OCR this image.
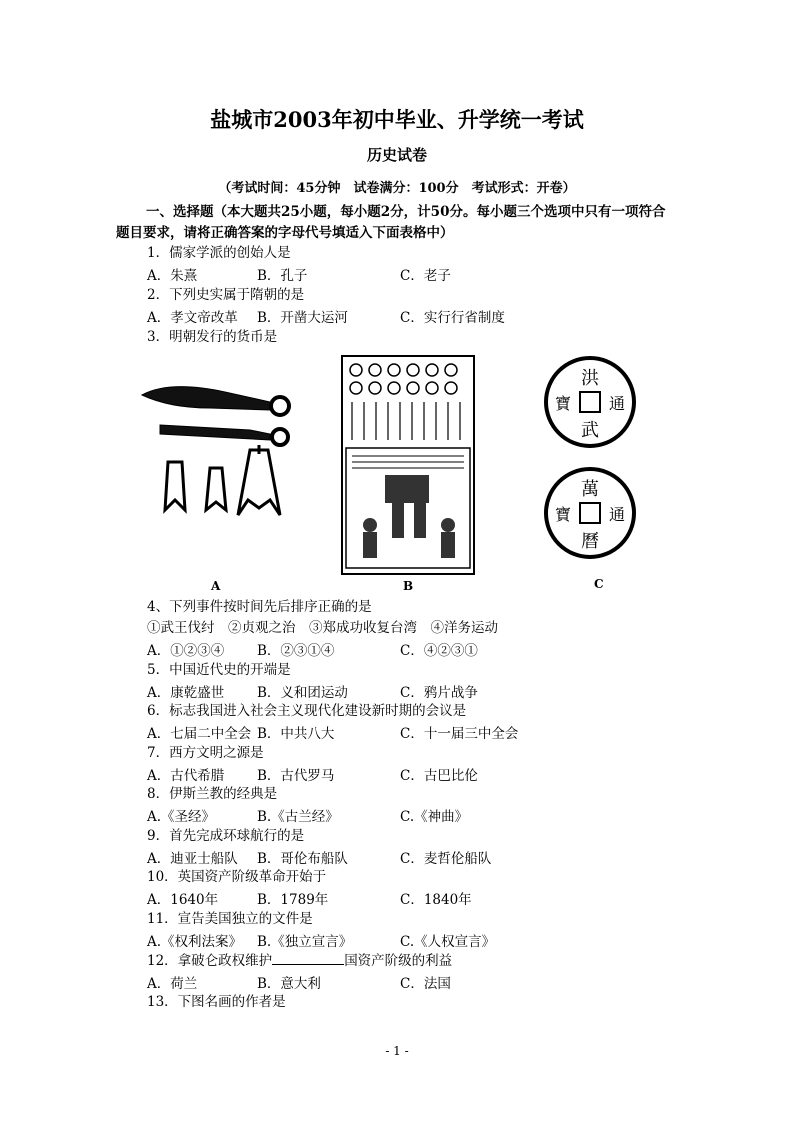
盐城市2003年初中毕业、升学统一考试
历史试卷
（考试时间：45分钟　试卷满分：100分　考试形式：开卷）
一、选择题（本大题共25小题，每小题2分，计50分。每小题三个选项中只有一项符合题目要求，请将正确答案的字母代号填适入下面表格中）
1．儒家学派的创始人是
A．朱熹	B．孔子	C．老子
2．下列史实属于隋朝的是
A．孝文帝改革 B．开凿大运河	C．实行行省制度
3．明朝发行的货币是
洪
通
武
寶
萬
通
曆
寶
A	B	C
4、下列事件按时间先后排序正确的是
①武王伐纣　②贞观之治　③郑成功收复台湾　④洋务运动
A．①②③④ B．②③①④	C．④②③①
5．中国近代史的开端是
A．康乾盛世 B．义和团运动	C．鸦片战争
6．标志我国进入社会主义现代化建设新时期的会议是
A．七届二中全会 B．中共八大	C．十一届三中全会
7．西方文明之源是
A．古代希腊 B．古代罗马	C．古巴比伦
8．伊斯兰教的经典是
A.《圣经》	B.《古兰经》	C.《神曲》
9．首先完成环球航行的是
A．迪亚士船队 B．哥伦布船队	C．麦哲伦船队
10．英国资产阶级革命开始于
A．1640年	B．1789年	C．1840年
11．宣告美国独立的文件是
A.《权利法案》 B.《独立宣言》	C.《人权宣言》
12．拿破仑政权维护	国资产阶级的利益
A．荷兰	B．意大利	C．法国
13．下图名画的作者是
- 1 -
